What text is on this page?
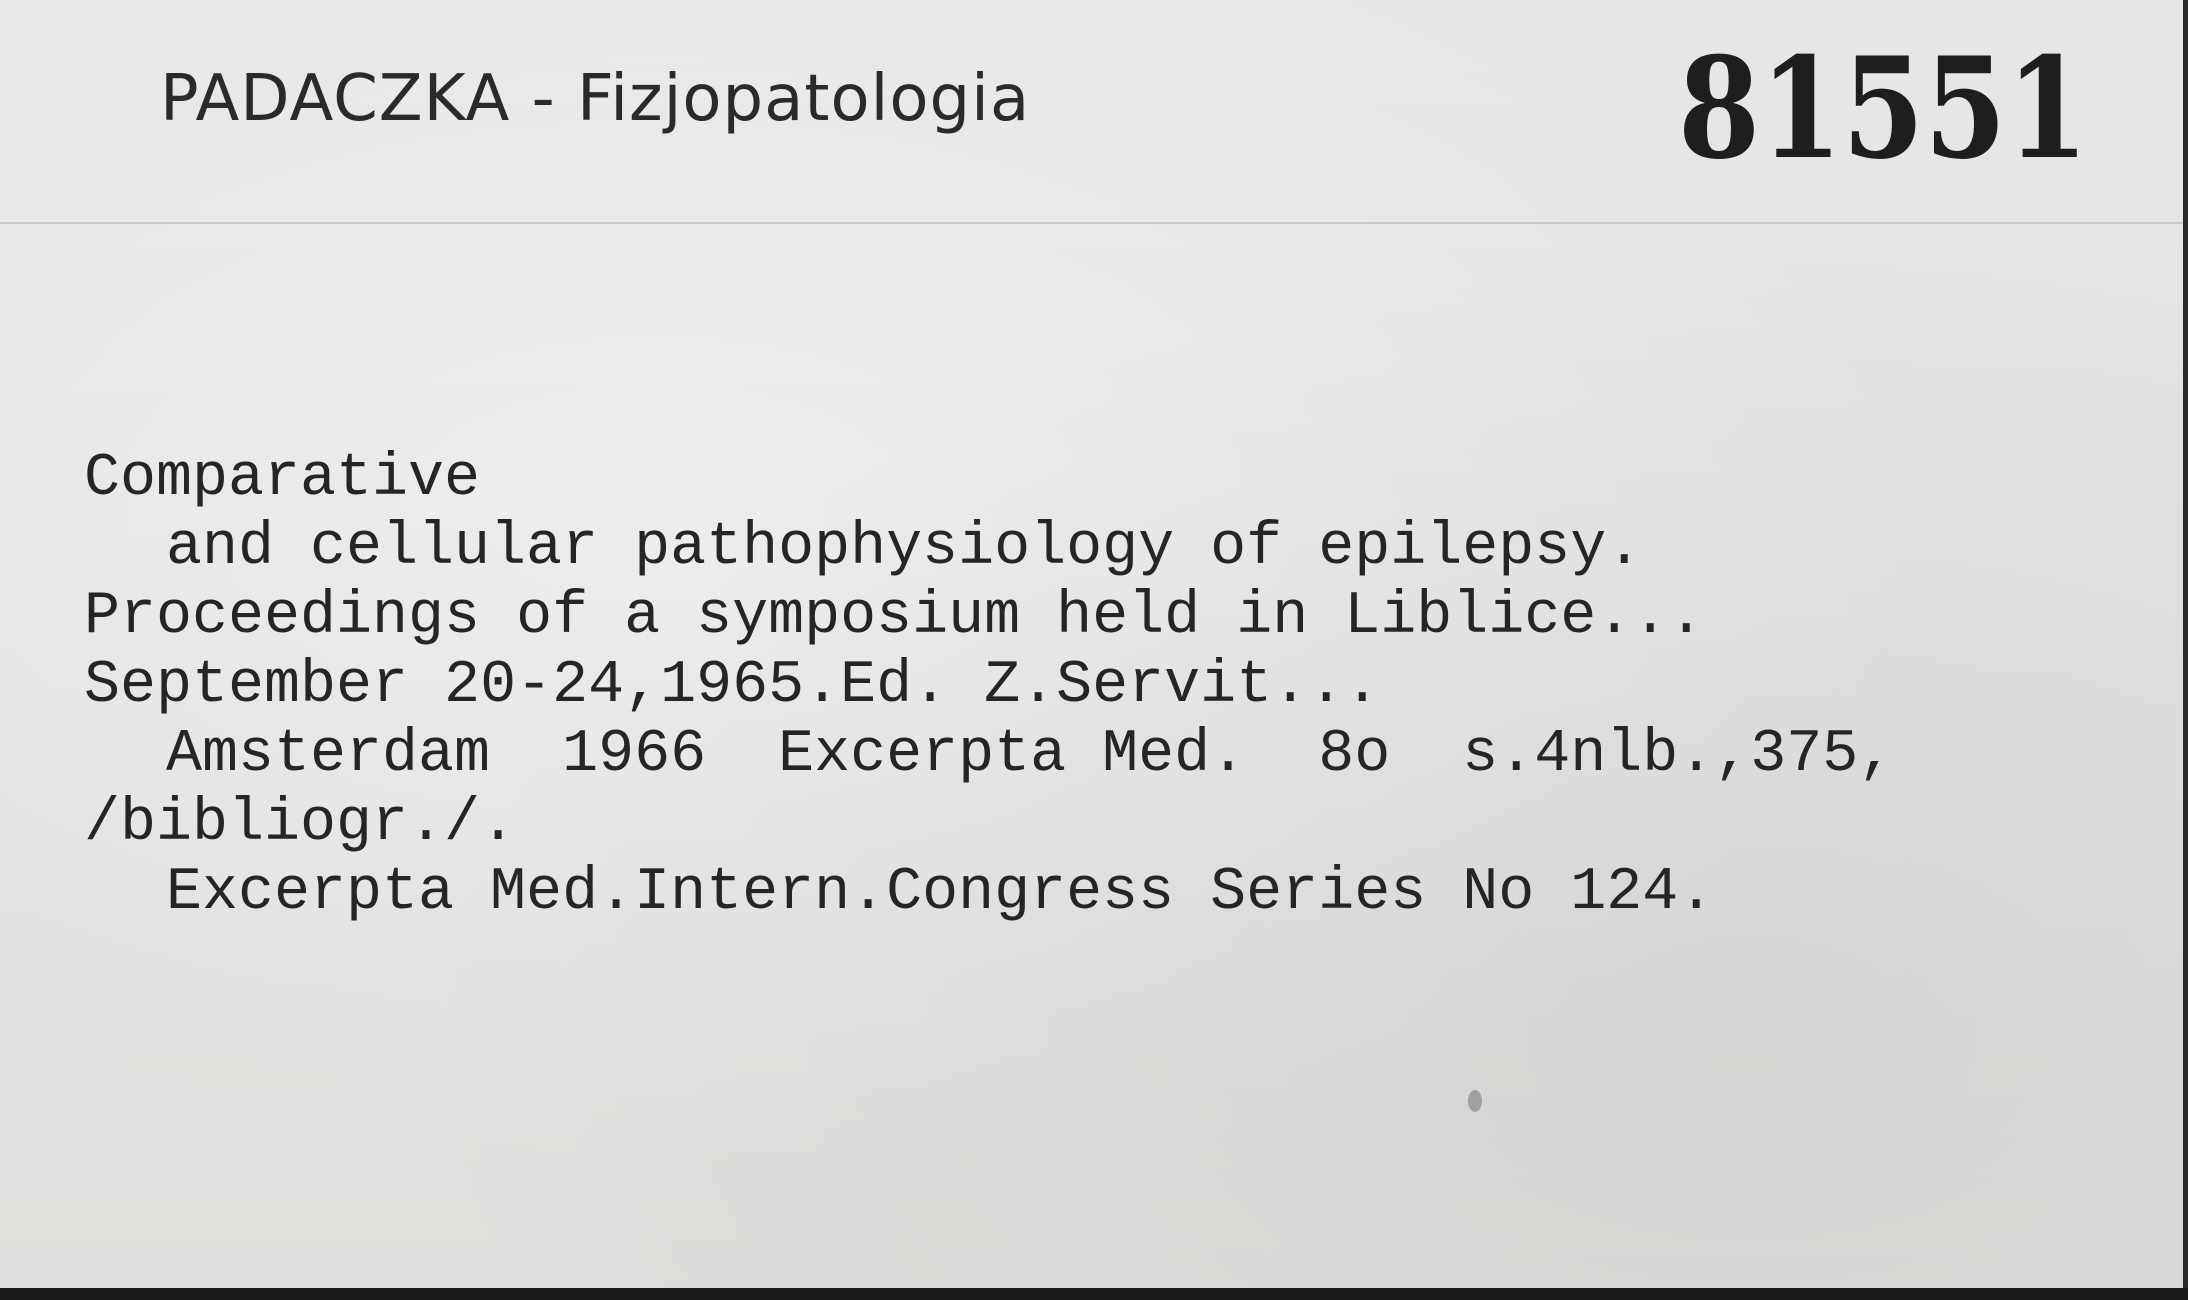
PADACZKA - Fizjopatologia	81551
Comparative
and cellular pathophysiology of epilepsy.
Proceedings of a symposium held in Liblice...
September 20-24,1965.Ed. Z.Servit...
Amsterdam  1966  Excerpta Med.  8o  s.4nlb.,375,
/bibliogr./.
Excerpta Med.Intern.Congress Series No 124.
